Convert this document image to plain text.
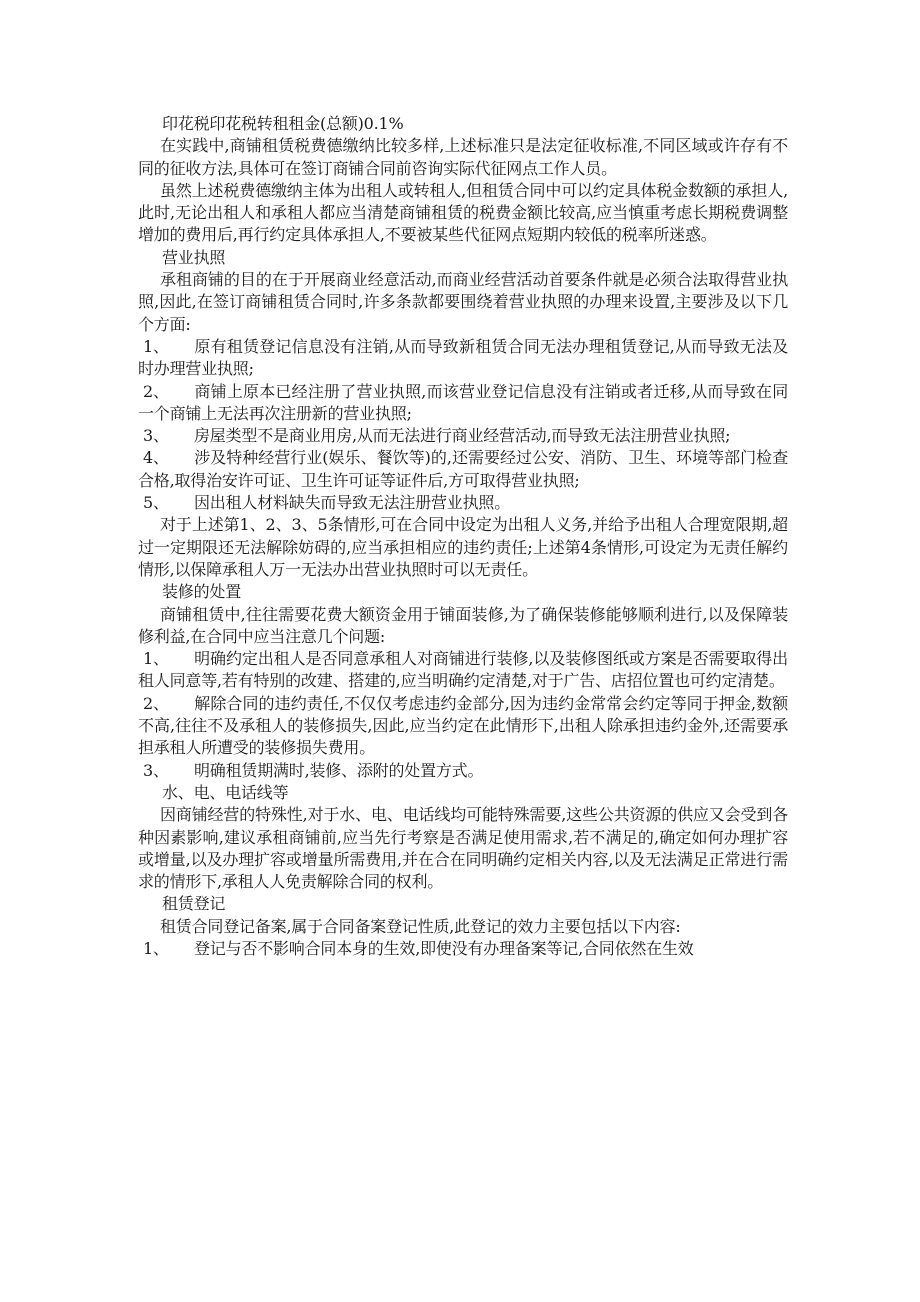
印花税印花税转租租金(总额)0.1%

在实践中,商铺租赁税费德缴纳比较多样,上述标准只是法定征收标准,不同区域或许存有不同的征收方法,具体可在签订商铺合同前咨询实际代征网点工作人员。

虽然上述税费德缴纳主体为出租人或转租人,但租赁合同中可以约定具体税金数额的承担人,此时,无论出租人和承租人都应当清楚商铺租赁的税费金额比较高,应当慎重考虑长期税费调整增加的费用后,再行约定具体承担人,不要被某些代征网点短期内较低的税率所迷惑。

营业执照

承租商铺的目的在于开展商业经意活动,而商业经营活动首要条件就是必须合法取得营业执照,因此,在签订商铺租赁合同时,许多条款都要围绕着营业执照的办理来设置,主要涉及以下几个方面:

1、 原有租赁登记信息没有注销,从而导致新租赁合同无法办理租赁登记,从而导致无法及时办理营业执照;

2、 商铺上原本已经注册了营业执照,而该营业登记信息没有注销或者迁移,从而导致在同一个商铺上无法再次注册新的营业执照;

3、 房屋类型不是商业用房,从而无法进行商业经营活动,而导致无法注册营业执照;

4、 涉及特种经营行业(娱乐、餐饮等)的,还需要经过公安、消防、卫生、环境等部门检查合格,取得治安许可证、卫生许可证等证件后,方可取得营业执照;

5、 因出租人材料缺失而导致无法注册营业执照。

对于上述第1、2、3、5条情形,可在合同中设定为出租人义务,并给予出租人合理宽限期,超过一定期限还无法解除妨碍的,应当承担相应的违约责任;上述第4条情形,可设定为无责任解约情形,以保障承租人万一无法办出营业执照时可以无责任。

装修的处置

商铺租赁中,往往需要花费大额资金用于铺面装修,为了确保装修能够顺利进行,以及保障装修利益,在合同中应当注意几个问题:

1、 明确约定出租人是否同意承租人对商铺进行装修,以及装修图纸或方案是否需要取得出租人同意等,若有特别的改建、搭建的,应当明确约定清楚,对于广告、店招位置也可约定清楚。

2、 解除合同的违约责任,不仅仅考虑违约金部分,因为违约金常常会约定等同于押金,数额不高,往往不及承租人的装修损失,因此,应当约定在此情形下,出租人除承担违约金外,还需要承担承租人所遭受的装修损失费用。

3、 明确租赁期满时,装修、添附的处置方式。

水、电、电话线等

因商铺经营的特殊性,对于水、电、电话线均可能特殊需要,这些公共资源的供应又会受到各种因素影响,建议承租商铺前,应当先行考察是否满足使用需求,若不满足的,确定如何办理扩容或增量,以及办理扩容或增量所需费用,并在合在同明确约定相关内容,以及无法满足正常进行需求的情形下,承租人人免责解除合同的权利。

租赁登记

租赁合同登记备案,属于合同备案登记性质,此登记的效力主要包括以下内容:

1、 登记与否不影响合同本身的生效,即使没有办理备案等记,合同依然在生效
